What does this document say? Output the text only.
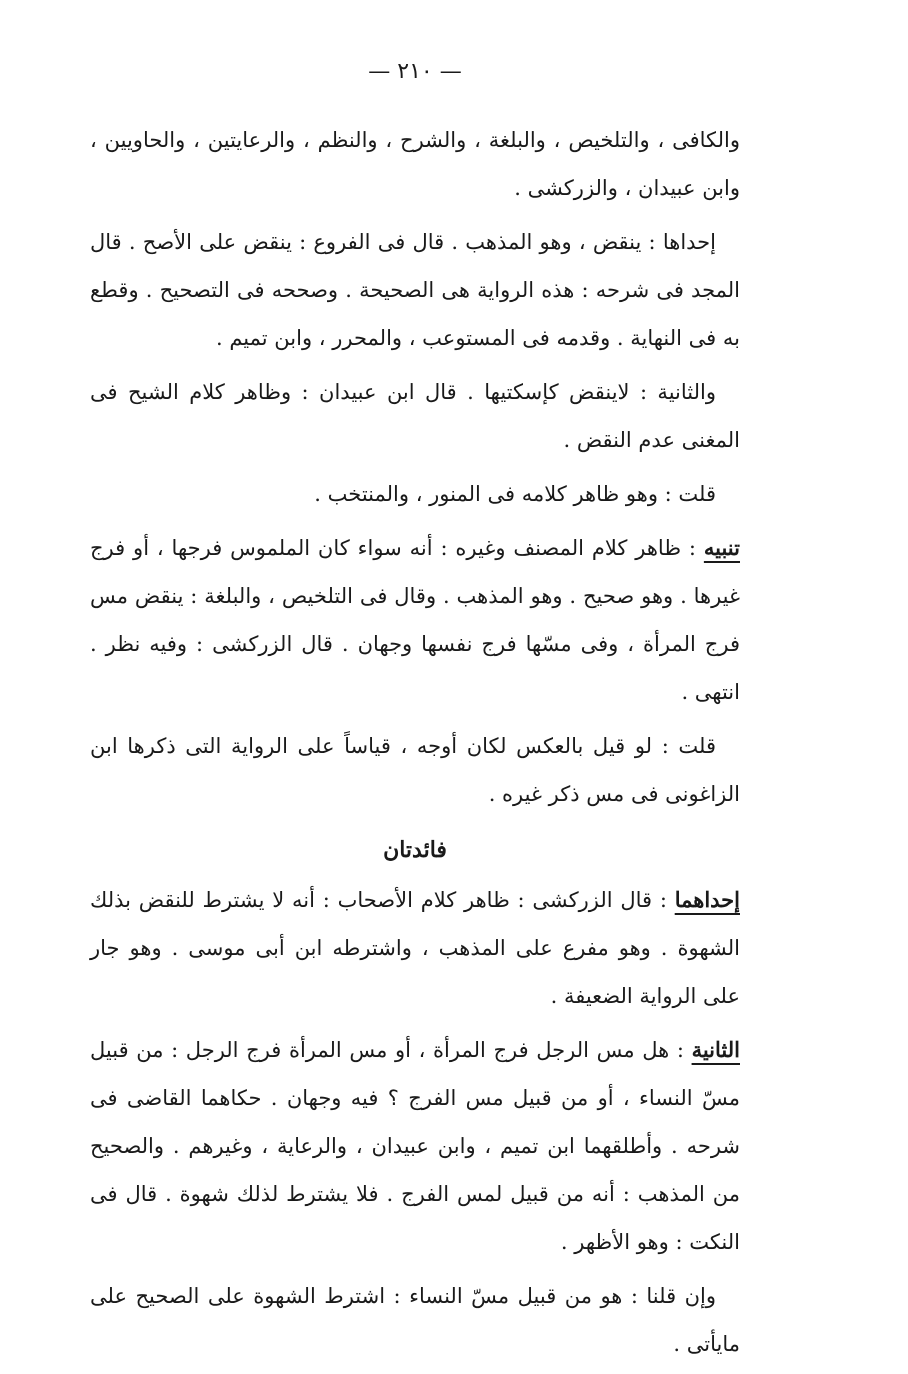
— ٢١٠ —

والكافى ، والتلخيص ، والبلغة ، والشرح ، والنظم ، والرعايتين ، والحاويين ، وابن عبيدان ، والزركشى .

إحداها : ينقض ، وهو المذهب . قال فى الفروع : ينقض على الأصح . قال المجد فى شرحه : هذه الرواية هى الصحيحة . وصححه فى التصحيح . وقطع به فى النهاية . وقدمه فى المستوعب ، والمحرر ، وابن تميم .

والثانية : لاينقض كإسكتيها . قال ابن عبيدان : وظاهر كلام الشيح فى المغنى عدم النقض .

قلت : وهو ظاهر كلامه فى المنور ، والمنتخب .

تنبيه : ظاهر كلام المصنف وغيره : أنه سواء كان الملموس فرجها ، أو فرج غيرها . وهو صحيح . وهو المذهب . وقال فى التلخيص ، والبلغة : ينقض مس فرج المرأة ، وفى مسّها فرج نفسها وجهان . قال الزركشى : وفيه نظر . انتهى .

قلت : لو قيل بالعكس لكان أوجه ، قياساً على الرواية التى ذكرها ابن الزاغونى فى مس ذكر غيره .

فائدتان

إحداهما : قال الزركشى : ظاهر كلام الأصحاب : أنه لا يشترط للنقض بذلك الشهوة . وهو مفرع على المذهب ، واشترطه ابن أبى موسى . وهو جار على الرواية الضعيفة .

الثانية : هل مس الرجل فرج المرأة ، أو مس المرأة فرج الرجل : من قبيل مسّ النساء ، أو من قبيل مس الفرج ؟ فيه وجهان . حكاهما القاضى فى شرحه . وأطلقهما ابن تميم ، وابن عبيدان ، والرعاية ، وغيرهم . والصحيح من المذهب : أنه من قبيل لمس الفرج . فلا يشترط لذلك شهوة . قال فى النكت : وهو الأظهر .

وإن قلنا : هو من قبيل مسّ النساء : اشترط الشهوة على الصحيح على مايأتى .
